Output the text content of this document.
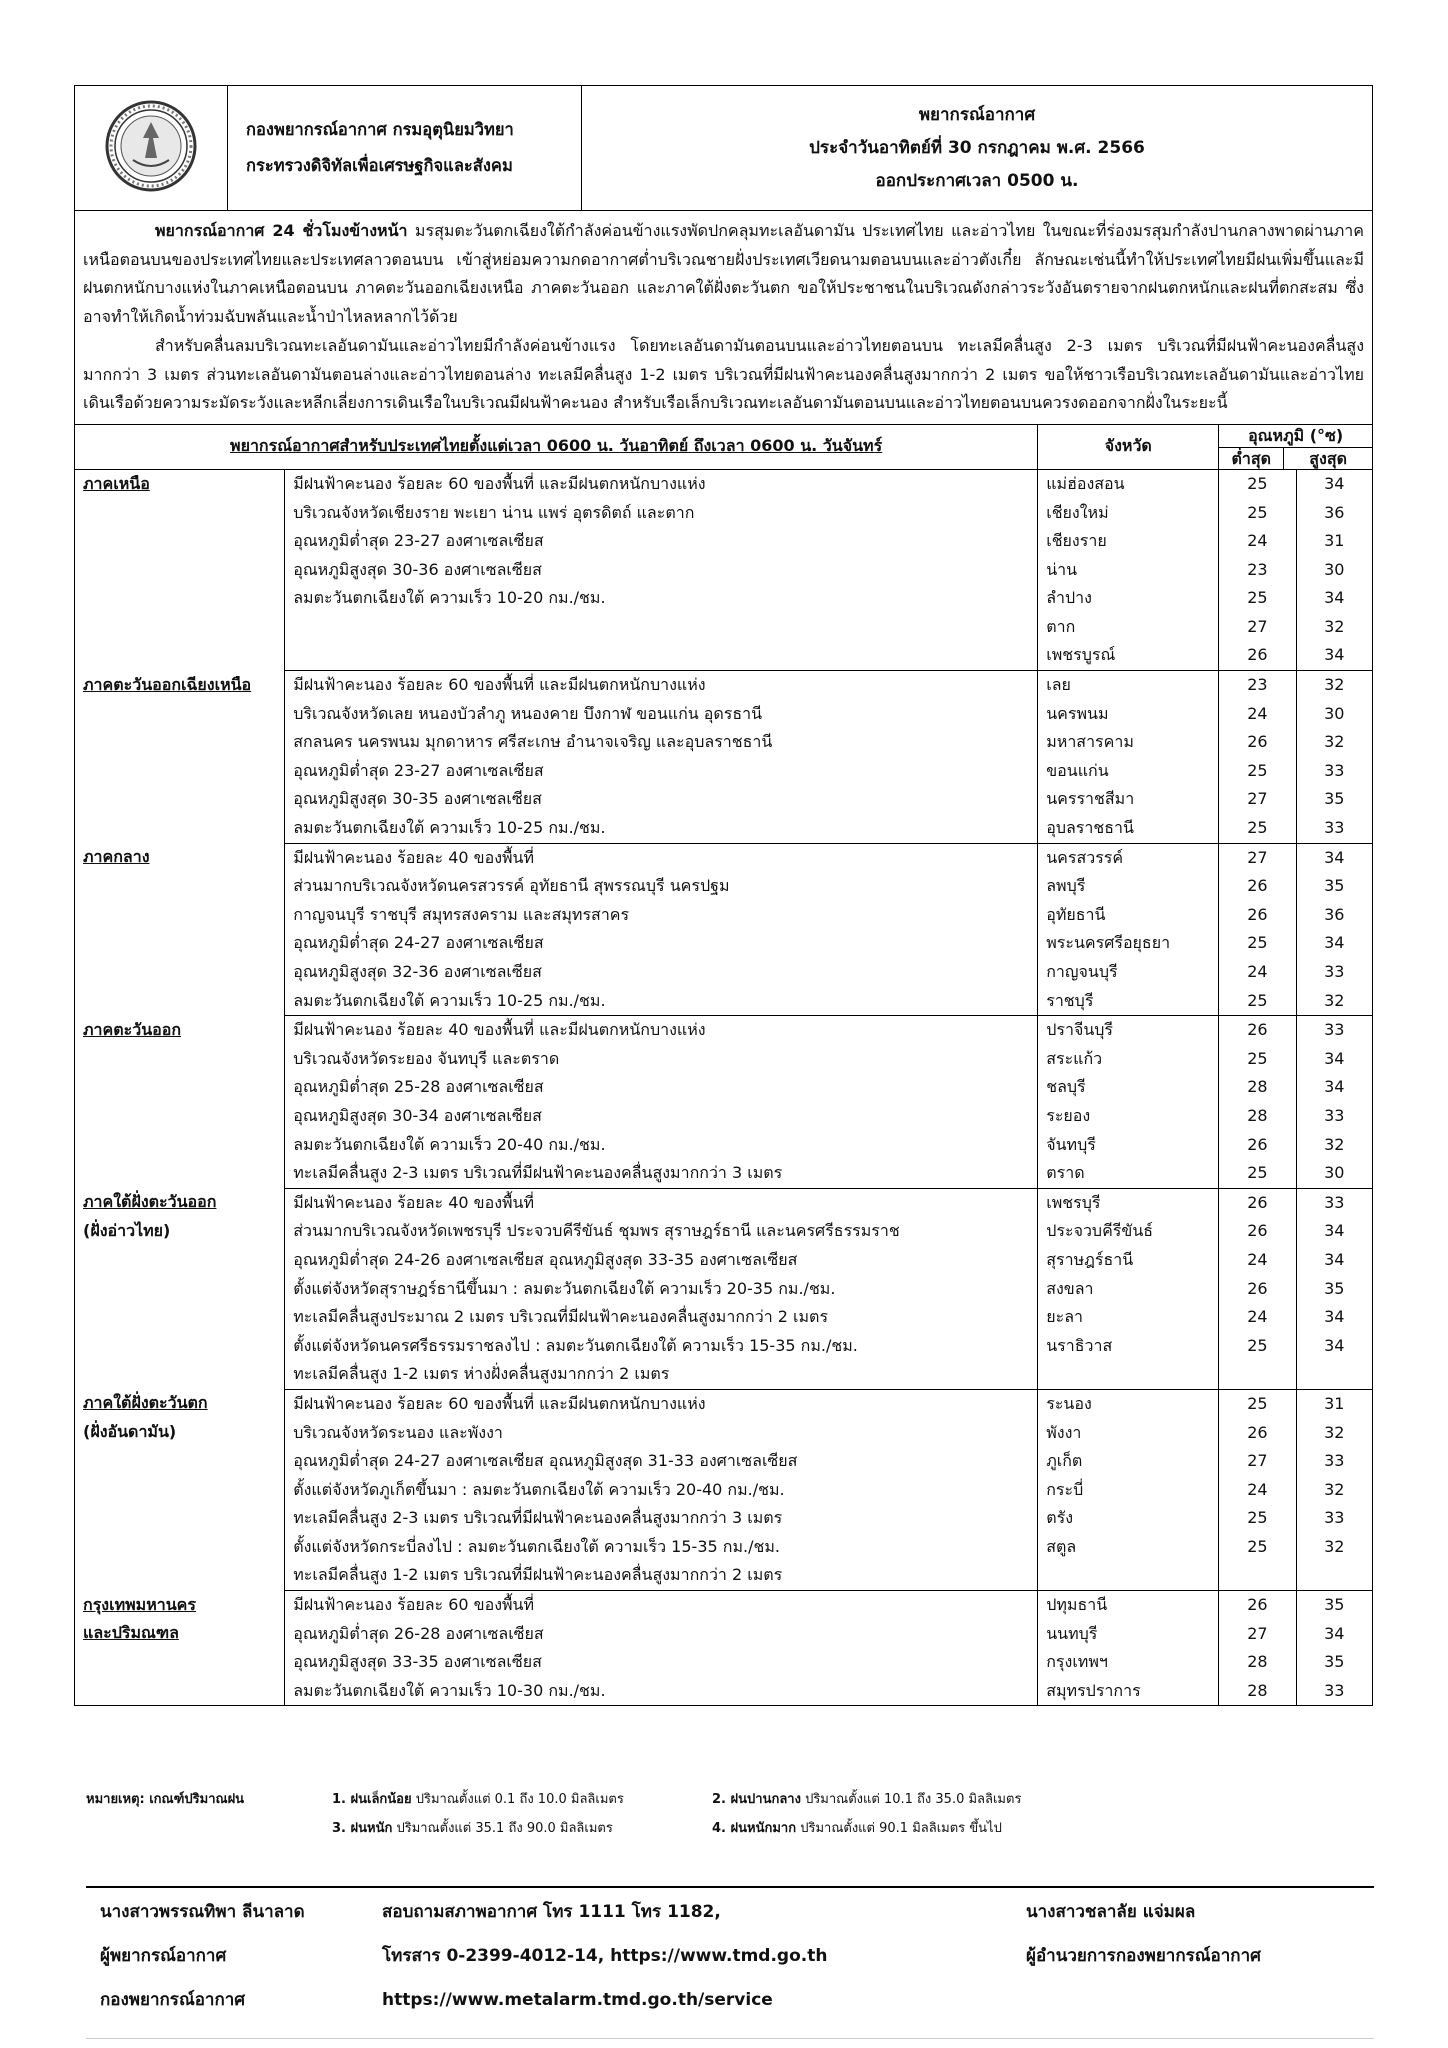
กองพยากรณ์อากาศ กรมอุตุนิยมวิทยา
กระทรวงดิจิทัลเพื่อเศรษฐกิจและสังคม

พยากรณ์อากาศ
ประจำวันอาทิตย์ที่ 30 กรกฎาคม พ.ศ. 2566
ออกประกาศเวลา 0500 น.

พยากรณ์อากาศ 24 ชั่วโมงข้างหน้า มรสุมตะวันตกเฉียงใต้กำลังค่อนข้างแรงพัดปกคลุมทะเลอันดามัน ประเทศไทย และอ่าวไทย ในขณะที่ร่องมรสุมกำลังปานกลางพาดผ่านภาคเหนือตอนบนของประเทศไทยและประเทศลาวตอนบน เข้าสู่หย่อมความกดอากาศต่ำบริเวณชายฝั่งประเทศเวียดนามตอนบนและอ่าวตังเกี๋ย ลักษณะเช่นนี้ทำให้ประเทศไทยมีฝนเพิ่มขึ้นและมีฝนตกหนักบางแห่งในภาคเหนือตอนบน ภาคตะวันออกเฉียงเหนือ ภาคตะวันออก และภาคใต้ฝั่งตะวันตก ขอให้ประชาชนในบริเวณดังกล่าวระวังอันตรายจากฝนตกหนักและฝนที่ตกสะสม ซึ่งอาจทำให้เกิดน้ำท่วมฉับพลันและน้ำป่าไหลหลากไว้ด้วย

สำหรับคลื่นลมบริเวณทะเลอันดามันและอ่าวไทยมีกำลังค่อนข้างแรง โดยทะเลอันดามันตอนบนและอ่าวไทยตอนบน ทะเลมีคลื่นสูง 2-3 เมตร บริเวณที่มีฝนฟ้าคะนองคลื่นสูงมากกว่า 3 เมตร ส่วนทะเลอันดามันตอนล่างและอ่าวไทยตอนล่าง ทะเลมีคลื่นสูง 1-2 เมตร บริเวณที่มีฝนฟ้าคะนองคลื่นสูงมากกว่า 2 เมตร ขอให้ชาวเรือบริเวณทะเลอันดามันและอ่าวไทยเดินเรือด้วยความระมัดระวังและหลีกเลี่ยงการเดินเรือในบริเวณมีฝนฟ้าคะนอง สำหรับเรือเล็กบริเวณทะเลอันดามันตอนบนและอ่าวไทยตอนบนควรงดออกจากฝั่งในระยะนี้

พยากรณ์อากาศสำหรับประเทศไทยตั้งแต่เวลา 0600 น. วันอาทิตย์ ถึงเวลา 0600 น. วันจันทร์		จังหวัด	อุณหภูมิ (°ซ)
ต่ำสุด สูงสุด	

ภาคเหนือ	มีฝนฟ้าคะนอง ร้อยละ 60 ของพื้นที่ และมีฝนตกหนักบางแห่ง	แม่ฮ่องสอน	25	34
	บริเวณจังหวัดเชียงราย พะเยา น่าน แพร่ อุตรดิตถ์ และตาก	เชียงใหม่	25	36
	อุณหภูมิต่ำสุด 23-27 องศาเซลเซียส	เชียงราย	24	31
	อุณหภูมิสูงสุด 30-36 องศาเซลเซียส	น่าน	23	30
	ลมตะวันตกเฉียงใต้ ความเร็ว 10-20 กม./ชม.	ลำปาง	25	34
		ตาก	27	32
		เพชรบูรณ์	26	34

ภาคตะวันออกเฉียงเหนือ	มีฝนฟ้าคะนอง ร้อยละ 60 ของพื้นที่ และมีฝนตกหนักบางแห่ง	เลย	23	32
	บริเวณจังหวัดเลย หนองบัวลำภู หนองคาย บึงกาฬ ขอนแก่น อุดรธานี	นครพนม	24	30
	สกลนคร นครพนม มุกดาหาร ศรีสะเกษ อำนาจเจริญ และอุบลราชธานี	มหาสารคาม	26	32
	อุณหภูมิต่ำสุด 23-27 องศาเซลเซียส	ขอนแก่น	25	33
	อุณหภูมิสูงสุด 30-35 องศาเซลเซียส	นครราชสีมา	27	35
	ลมตะวันตกเฉียงใต้ ความเร็ว 10-25 กม./ชม.	อุบลราชธานี	25	33

ภาคกลาง	มีฝนฟ้าคะนอง ร้อยละ 40 ของพื้นที่	นครสวรรค์	27	34
	ส่วนมากบริเวณจังหวัดนครสวรรค์ อุทัยธานี สุพรรณบุรี นครปฐม	ลพบุรี	26	35
	กาญจนบุรี ราชบุรี สมุทรสงคราม และสมุทรสาคร	อุทัยธานี	26	36
	อุณหภูมิต่ำสุด 24-27 องศาเซลเซียส	พระนครศรีอยุธยา	25	34
	อุณหภูมิสูงสุด 32-36 องศาเซลเซียส	กาญจนบุรี	24	33
	ลมตะวันตกเฉียงใต้ ความเร็ว 10-25 กม./ชม.	ราชบุรี	25	32

ภาคตะวันออก	มีฝนฟ้าคะนอง ร้อยละ 40 ของพื้นที่ และมีฝนตกหนักบางแห่ง	ปราจีนบุรี	26	33
	บริเวณจังหวัดระยอง จันทบุรี และตราด	สระแก้ว	25	34
	อุณหภูมิต่ำสุด 25-28 องศาเซลเซียส	ชลบุรี	28	34
	อุณหภูมิสูงสุด 30-34 องศาเซลเซียส	ระยอง	28	33
	ลมตะวันตกเฉียงใต้ ความเร็ว 20-40 กม./ชม.	จันทบุรี	26	32
	ทะเลมีคลื่นสูง 2-3 เมตร บริเวณที่มีฝนฟ้าคะนองคลื่นสูงมากกว่า 3 เมตร	ตราด	25	30

ภาคใต้ฝั่งตะวันออก
(ฝั่งอ่าวไทย)	มีฝนฟ้าคะนอง ร้อยละ 40 ของพื้นที่	เพชรบุรี	26	33
	ส่วนมากบริเวณจังหวัดเพชรบุรี ประจวบคีรีขันธ์ ชุมพร สุราษฎร์ธานี และนครศรีธรรมราช	ประจวบคีรีขันธ์	26	34
	อุณหภูมิต่ำสุด 24-26 องศาเซลเซียส อุณหภูมิสูงสุด 33-35 องศาเซลเซียส	สุราษฎร์ธานี	24	34
	ตั้งแต่จังหวัดสุราษฎร์ธานีขึ้นมา : ลมตะวันตกเฉียงใต้ ความเร็ว 20-35 กม./ชม.	สงขลา	26	35
	ทะเลมีคลื่นสูงประมาณ 2 เมตร บริเวณที่มีฝนฟ้าคะนองคลื่นสูงมากกว่า 2 เมตร	ยะลา	24	34
	ตั้งแต่จังหวัดนครศรีธรรมราชลงไป : ลมตะวันตกเฉียงใต้ ความเร็ว 15-35 กม./ชม.	นราธิวาส	25	34
	ทะเลมีคลื่นสูง 1-2 เมตร ห่างฝั่งคลื่นสูงมากกว่า 2 เมตร			

ภาคใต้ฝั่งตะวันตก
(ฝั่งอันดามัน)	มีฝนฟ้าคะนอง ร้อยละ 60 ของพื้นที่ และมีฝนตกหนักบางแห่ง	ระนอง	25	31
	บริเวณจังหวัดระนอง และพังงา	พังงา	26	32
	อุณหภูมิต่ำสุด 24-27 องศาเซลเซียส อุณหภูมิสูงสุด 31-33 องศาเซลเซียส	ภูเก็ต	27	33
	ตั้งแต่จังหวัดภูเก็ตขึ้นมา : ลมตะวันตกเฉียงใต้ ความเร็ว 20-40 กม./ชม.	กระบี่	24	32
	ทะเลมีคลื่นสูง 2-3 เมตร บริเวณที่มีฝนฟ้าคะนองคลื่นสูงมากกว่า 3 เมตร	ตรัง	25	33
	ตั้งแต่จังหวัดกระบี่ลงไป : ลมตะวันตกเฉียงใต้ ความเร็ว 15-35 กม./ชม.	สตูล	25	32
	ทะเลมีคลื่นสูง 1-2 เมตร บริเวณที่มีฝนฟ้าคะนองคลื่นสูงมากกว่า 2 เมตร			

กรุงเทพมหานคร
และปริมณฑล	มีฝนฟ้าคะนอง ร้อยละ 60 ของพื้นที่	ปทุมธานี	26	35
	อุณหภูมิต่ำสุด 26-28 องศาเซลเซียส	นนทบุรี	27	34
	อุณหภูมิสูงสุด 33-35 องศาเซลเซียส	กรุงเทพฯ	28	35
	ลมตะวันตกเฉียงใต้ ความเร็ว 10-30 กม./ชม.	สมุทรปราการ	28	33
หมายเหตุ: เกณฑ์ปริมาณฝน	1. ฝนเล็กน้อย ปริมาณตั้งแต่ 0.1 ถึง 10.0 มิลลิเมตร	2. ฝนปานกลาง ปริมาณตั้งแต่ 10.1 ถึง 35.0 มิลลิเมตร
3. ฝนหนัก ปริมาณตั้งแต่ 35.1 ถึง 90.0 มิลลิเมตร	4. ฝนหนักมาก ปริมาณตั้งแต่ 90.1 มิลลิเมตร ขึ้นไป
นางสาวพรรณทิพา ลีนาลาด
ผู้พยากรณ์อากาศ
กองพยากรณ์อากาศ
สอบถามสภาพอากาศ โทร 1111 โทร 1182,
โทรสาร 0-2399-4012-14, https://www.tmd.go.th
https://www.metalarm.tmd.go.th/service
นางสาวชลาลัย แจ่มผล
ผู้อำนวยการกองพยากรณ์อากาศ
